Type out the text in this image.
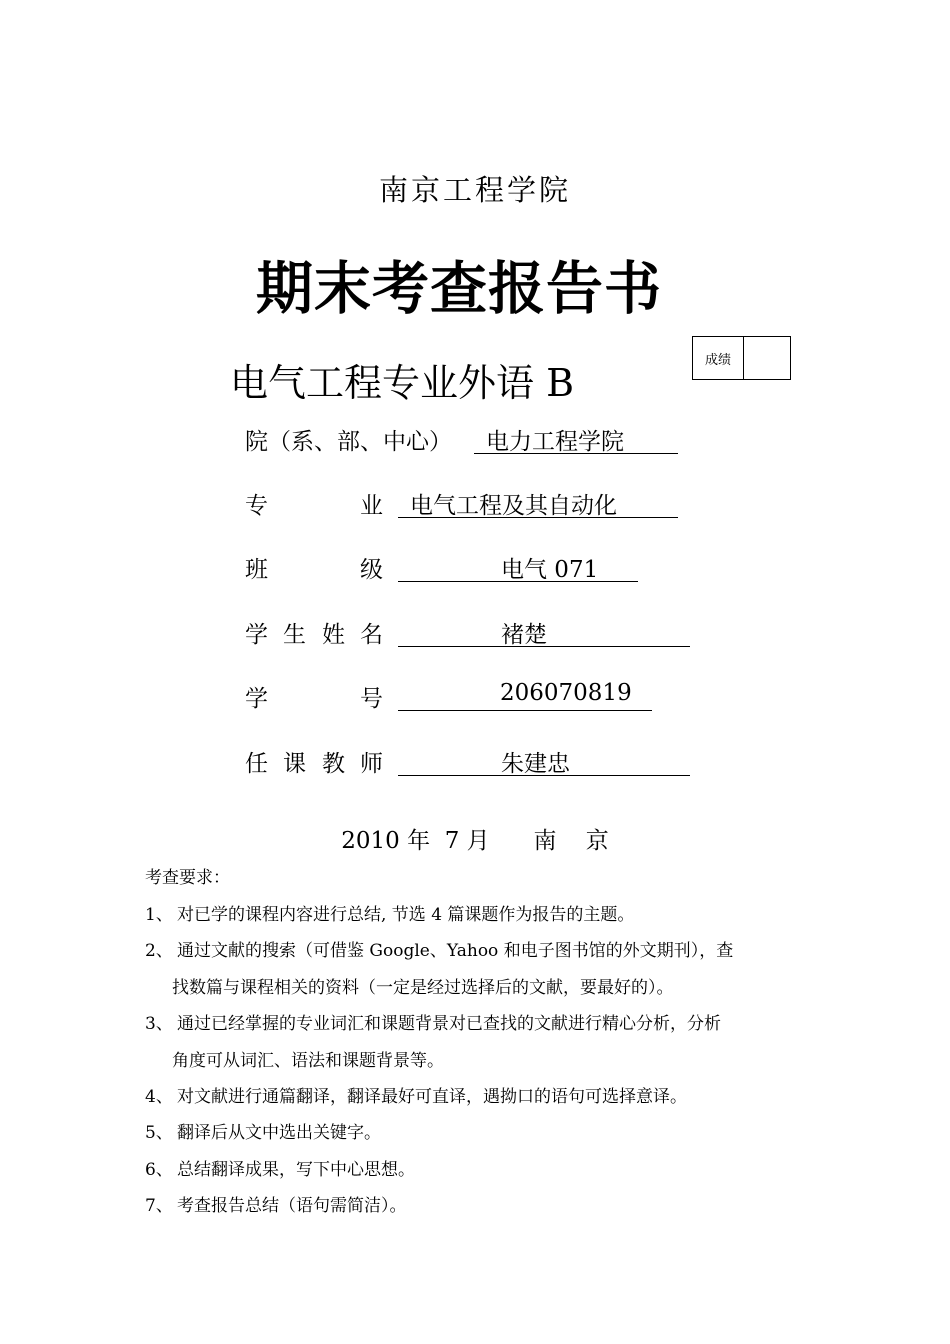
南京工程学院
期末考查报告书
电气工程专业外语 B
成绩
院（系、部、中心） 电力工程学院
专	业 电气工程及其自动化
班	级	电气 071
学 生 姓 名	褚楚
学	号	206070819
任 课 教 师	朱建忠
2010 年  7 月      南    京
考查要求：
1、 对已学的课程内容进行总结, 节选 4 篇课题作为报告的主题。
2、 通过文献的搜索（可借鉴 Google、Yahoo 和电子图书馆的外文期刊），查
找数篇与课程相关的资料（一定是经过选择后的文献，要最好的）。
3、 通过已经掌握的专业词汇和课题背景对已查找的文献进行精心分析，分析
角度可从词汇、语法和课题背景等。
4、 对文献进行通篇翻译，翻译最好可直译，遇拗口的语句可选择意译。
5、 翻译后从文中选出关键字。
6、 总结翻译成果，写下中心思想。
7、 考查报告总结（语句需简洁）。
